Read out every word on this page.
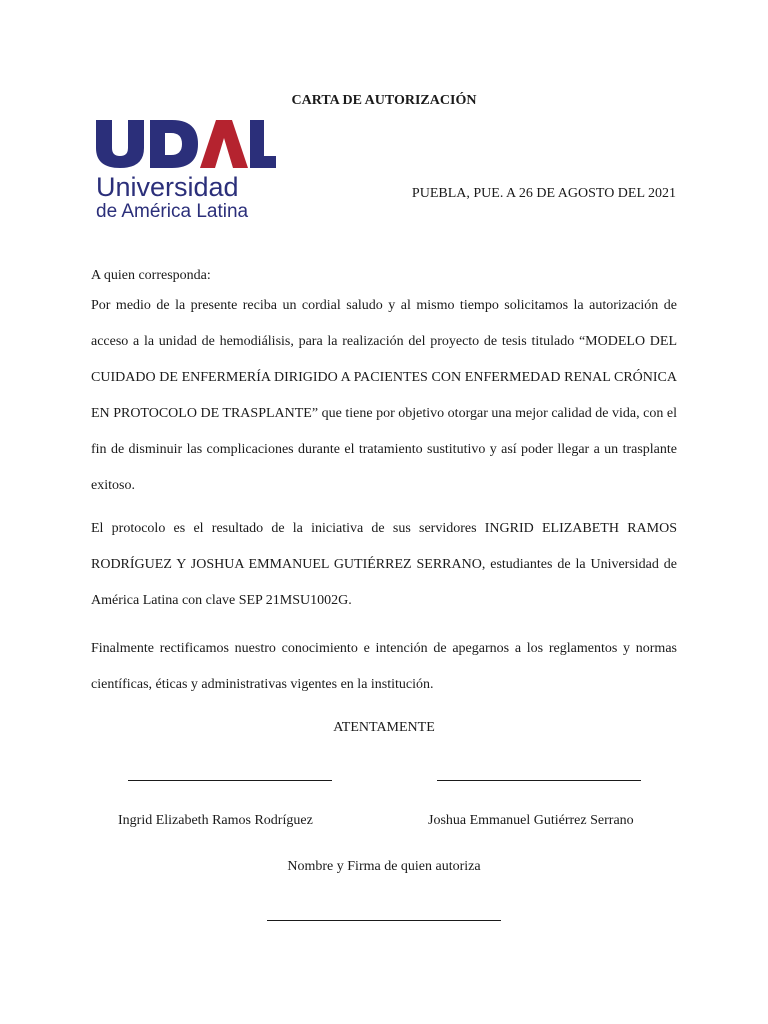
CARTA DE AUTORIZACIÓN
Universidad
de América Latina
PUEBLA, PUE. A 26 DE AGOSTO DEL 2021
A quien corresponda:
Por medio de la presente reciba un cordial saludo y al mismo tiempo solicitamos la autorización de acceso a la unidad de hemodiálisis, para la realización del proyecto de tesis titulado “MODELO DEL CUIDADO DE ENFERMERÍA DIRIGIDO A PACIENTES CON ENFERMEDAD RENAL CRÓNICA EN PROTOCOLO DE TRASPLANTE” que tiene por objetivo otorgar una mejor calidad de vida, con el fin de disminuir las complicaciones durante el tratamiento sustitutivo y así poder llegar a un trasplante exitoso.
El protocolo es el resultado de la iniciativa de sus servidores INGRID ELIZABETH RAMOS RODRÍGUEZ Y JOSHUA EMMANUEL GUTIÉRREZ SERRANO, estudiantes de la Universidad de América Latina con clave SEP 21MSU1002G.
Finalmente rectificamos nuestro conocimiento e intención de apegarnos a los reglamentos y normas científicas, éticas y administrativas vigentes en la institución.
ATENTAMENTE
Ingrid Elizabeth Ramos Rodríguez	Joshua Emmanuel Gutiérrez Serrano
Nombre y Firma de quien autoriza
